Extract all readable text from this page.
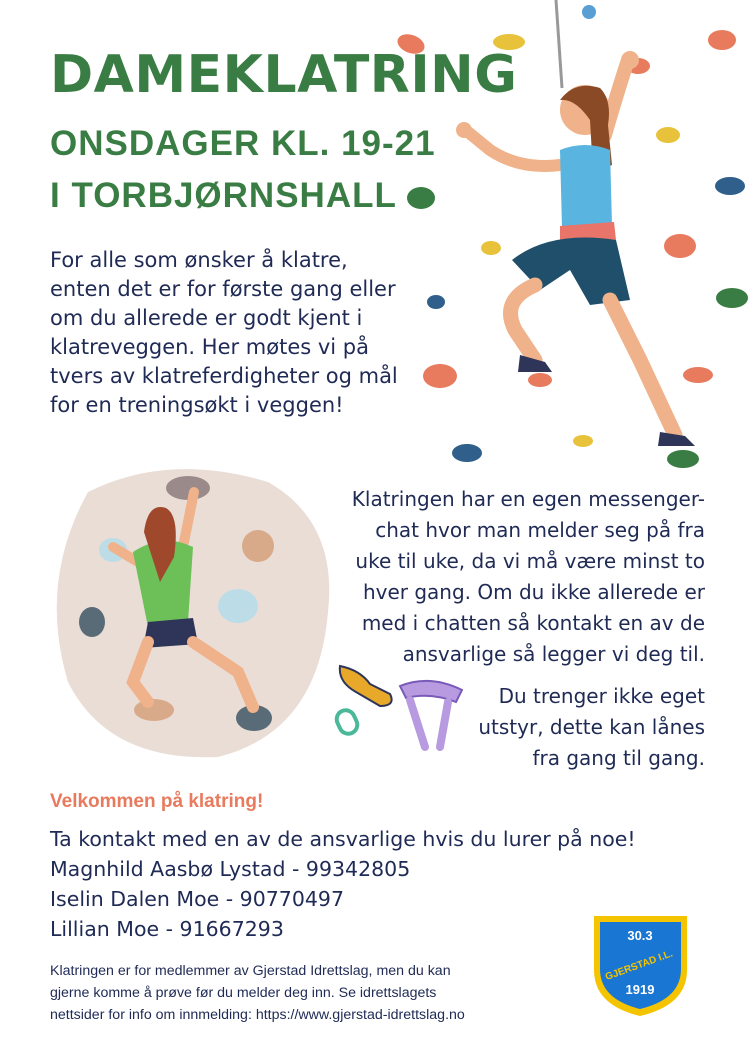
DAMEKLATRING
ONSDAGER KL. 19-21
I TORBJØRNSHALL

For alle som ønsker å klatre,
enten det er for første gang eller
om du allerede er godt kjent i
klatreveggen. Her møtes vi på
tvers av klatreferdigheter og mål
for en treningsøkt i veggen!

Klatringen har en egen messenger-
chat hvor man melder seg på fra
uke til uke, da vi må være minst to
hver gang. Om du ikke allerede er
med i chatten så kontakt en av de
ansvarlige så legger vi deg til.

Du trenger ikke eget
utstyr, dette kan lånes
fra gang til gang.

Velkommen på klatring!

Ta kontakt med en av de ansvarlige hvis du lurer på noe!

Magnhild Aasbø Lystad - 99342805

Iselin Dalen Moe - 90770497

Lillian Moe - 91667293

Klatringen er for medlemmer av Gjerstad Idrettslag, men du kan
gjerne komme å prøve før du melder deg inn. Se idrettslagets
nettsider for info om innmelding: https://www.gjerstad-idrettslag.no

30.3
GJERSTAD I.L.
1919
